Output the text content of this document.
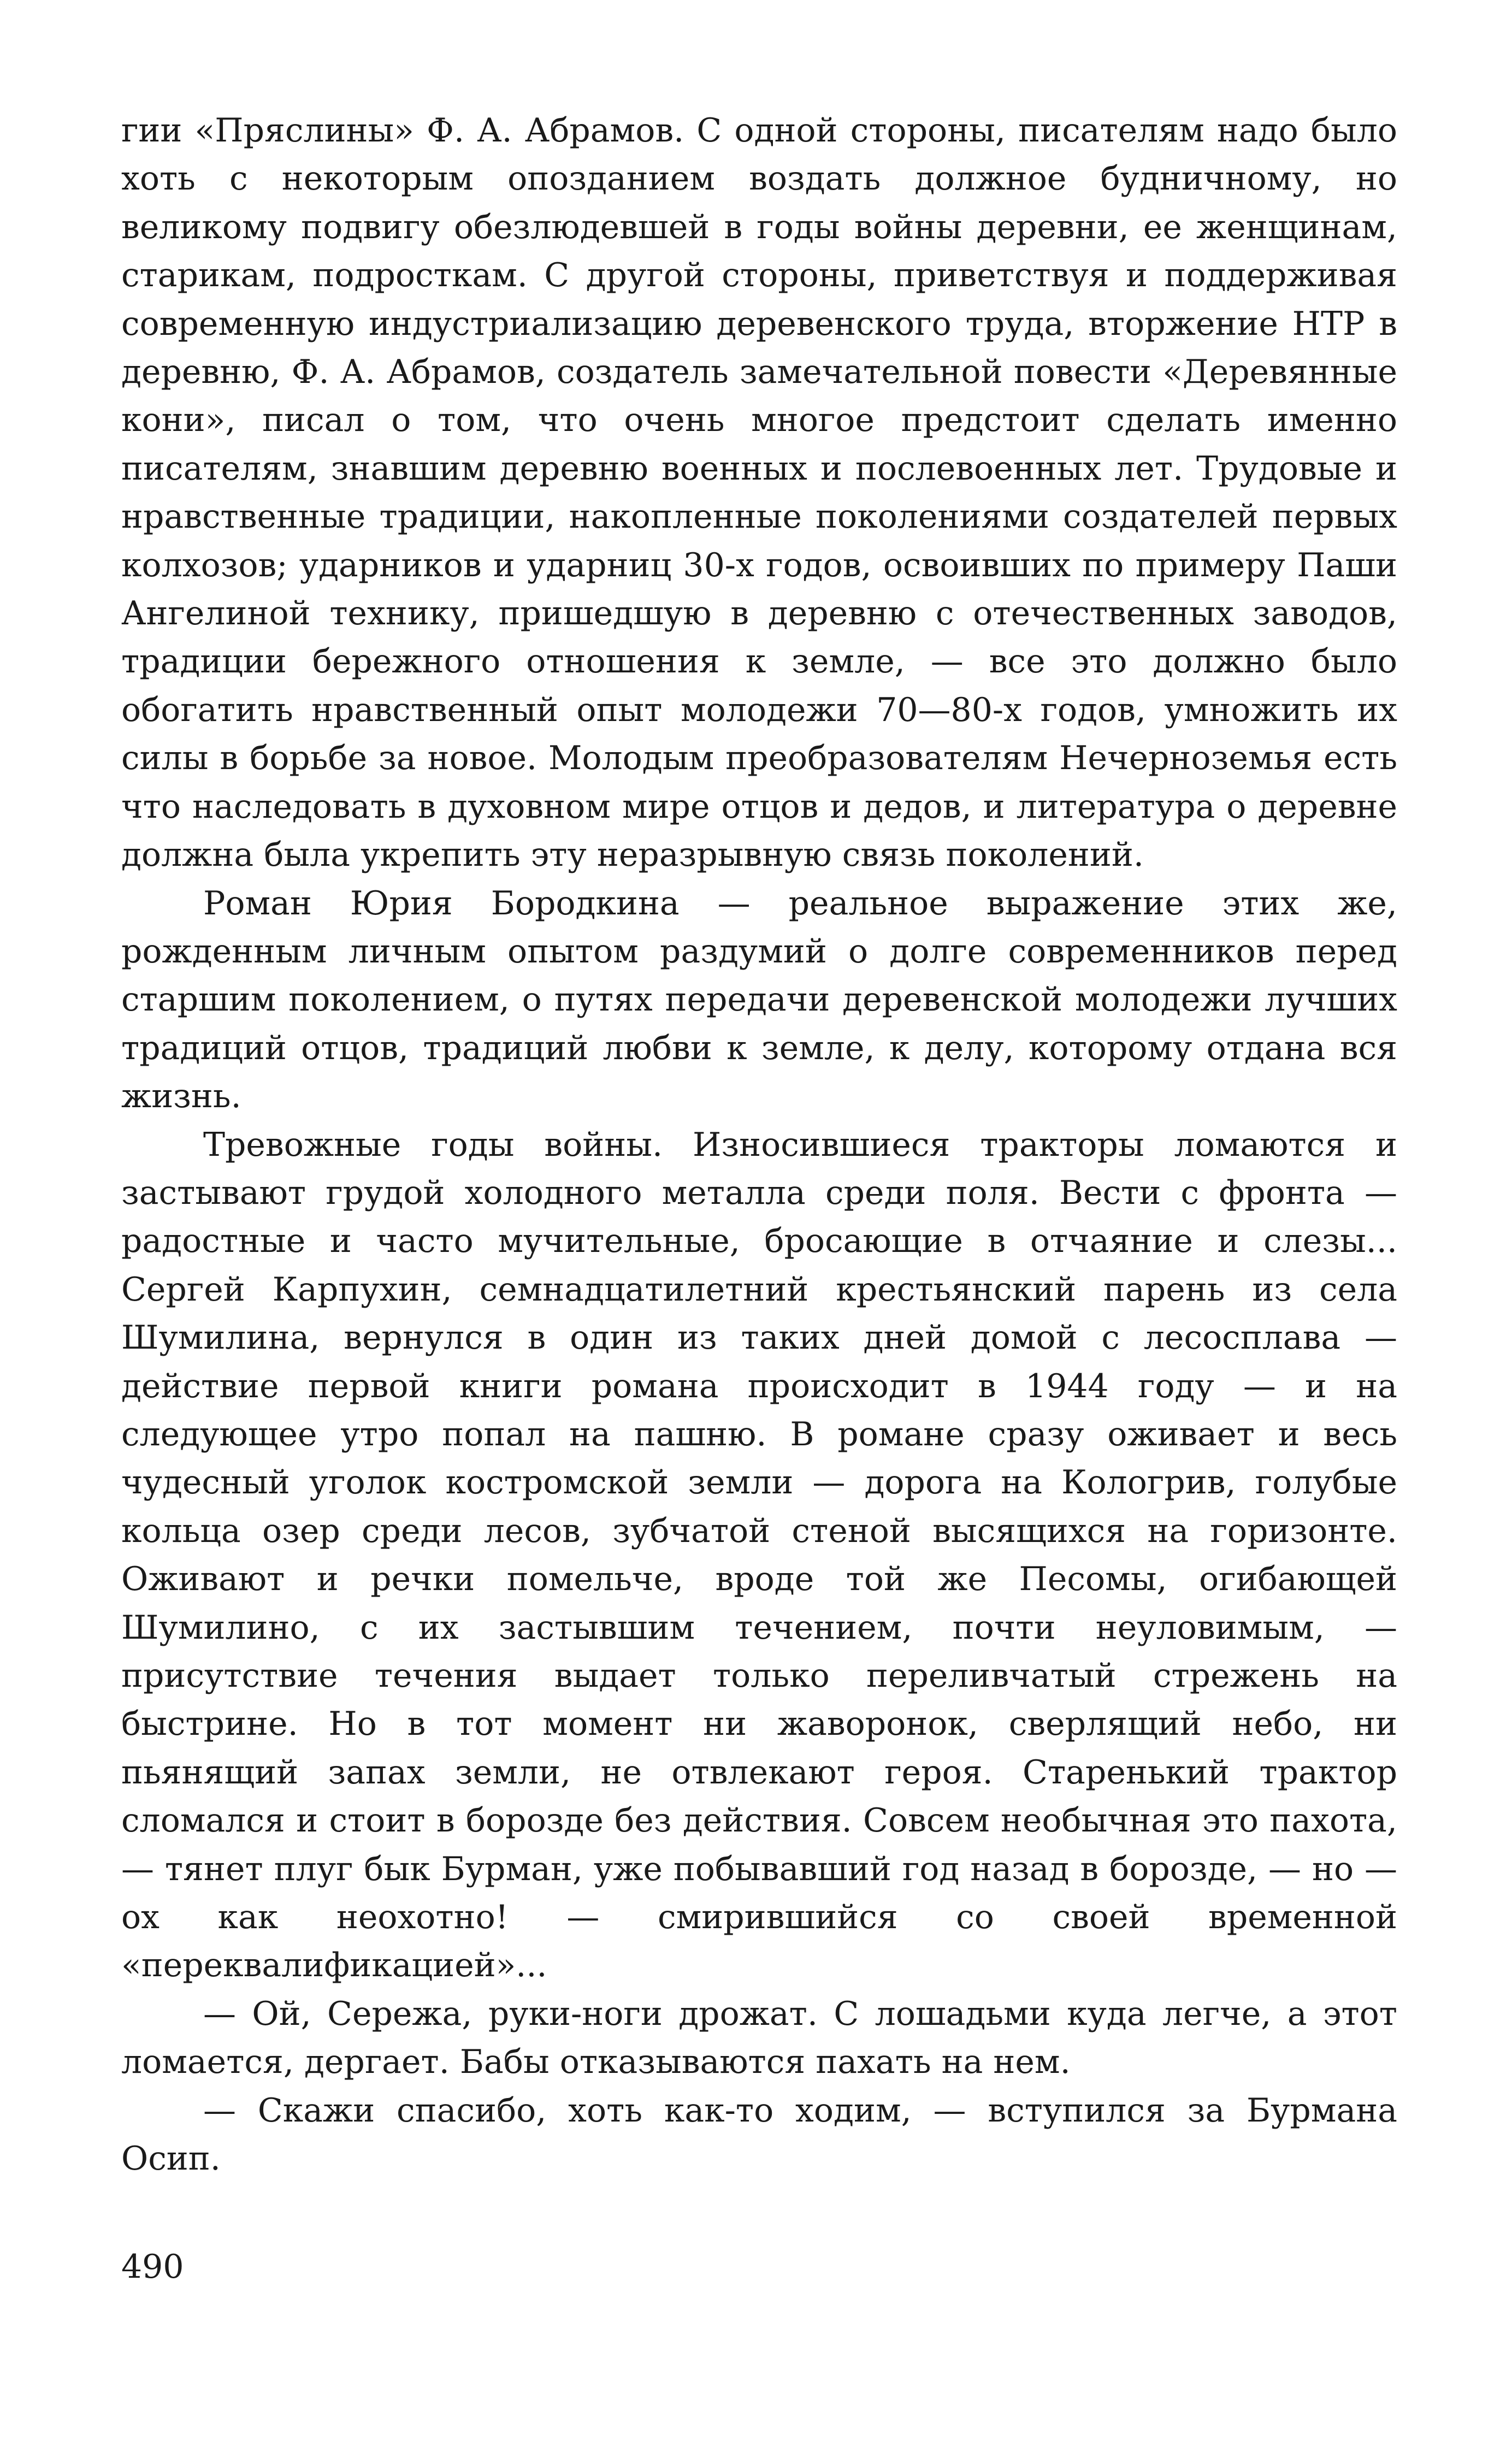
гии «Пряслины» Ф. А. Абрамов. С одной стороны, писателям надо было хоть с некоторым опозданием воздать должное будничному, но великому подвигу обезлюдевшей в годы войны деревни, ее женщинам, старикам, подросткам. С другой стороны, приветствуя и поддерживая современную индустриализацию деревенского труда, вторжение НТР в деревню, Ф. А. Абрамов, создатель замечательной повести «Деревянные кони», писал о том, что очень многое предстоит сделать именно писателям, знавшим деревню военных и послевоенных лет. Трудовые и нравственные традиции, накопленные поколениями создателей первых колхозов; ударников и ударниц 30-х годов, освоивших по примеру Паши Ангелиной технику, пришедшую в деревню с отечественных заводов, традиции бережного отношения к земле, — все это должно было обогатить нравственный опыт молодежи 70—80-х годов, умножить их силы в борьбе за новое. Молодым преобразователям Нечерноземья есть что наследовать в духовном мире отцов и дедов, и литература о деревне должна была укрепить эту неразрывную связь поколений.

Роман Юрия Бородкина — реальное выражение этих же, рожденным личным опытом раздумий о долге современников перед старшим поколением, о путях передачи деревенской молодежи лучших традиций отцов, традиций любви к земле, к делу, которому отдана вся жизнь.

Тревожные годы войны. Износившиеся тракторы ломаются и застывают грудой холодного металла среди поля. Вести с фронта — радостные и часто мучительные, бросающие в отчаяние и слезы... Сергей Карпухин, семнадцатилетний крестьянский парень из села Шумилина, вернулся в один из таких дней домой с лесосплава — действие первой книги романа происходит в 1944 году — и на следующее утро попал на пашню. В романе сразу оживает и весь чудесный уголок костромской земли — дорога на Кологрив, голубые кольца озер среди лесов, зубчатой стеной высящихся на горизонте. Оживают и речки помельче, вроде той же Песомы, огибающей Шумилино, с их застывшим течением, почти неуловимым, — присутствие течения выдает только переливчатый стрежень на быстрине. Но в тот момент ни жаворонок, сверлящий небо, ни пьянящий запах земли, не отвлекают героя. Старенький трактор сломался и стоит в борозде без действия. Совсем необычная это пахота, — тянет плуг бык Бурман, уже побывавший год назад в борозде, — но — ох как неохотно! — смирившийся со своей временной «переквалификацией»...

— Ой, Сережа, руки-ноги дрожат. С лошадьми куда легче, а этот ломается, дергает. Бабы отказываются пахать на нем.

— Скажи спасибо, хоть как-то ходим, — вступился за Бурмана Осип.

490
